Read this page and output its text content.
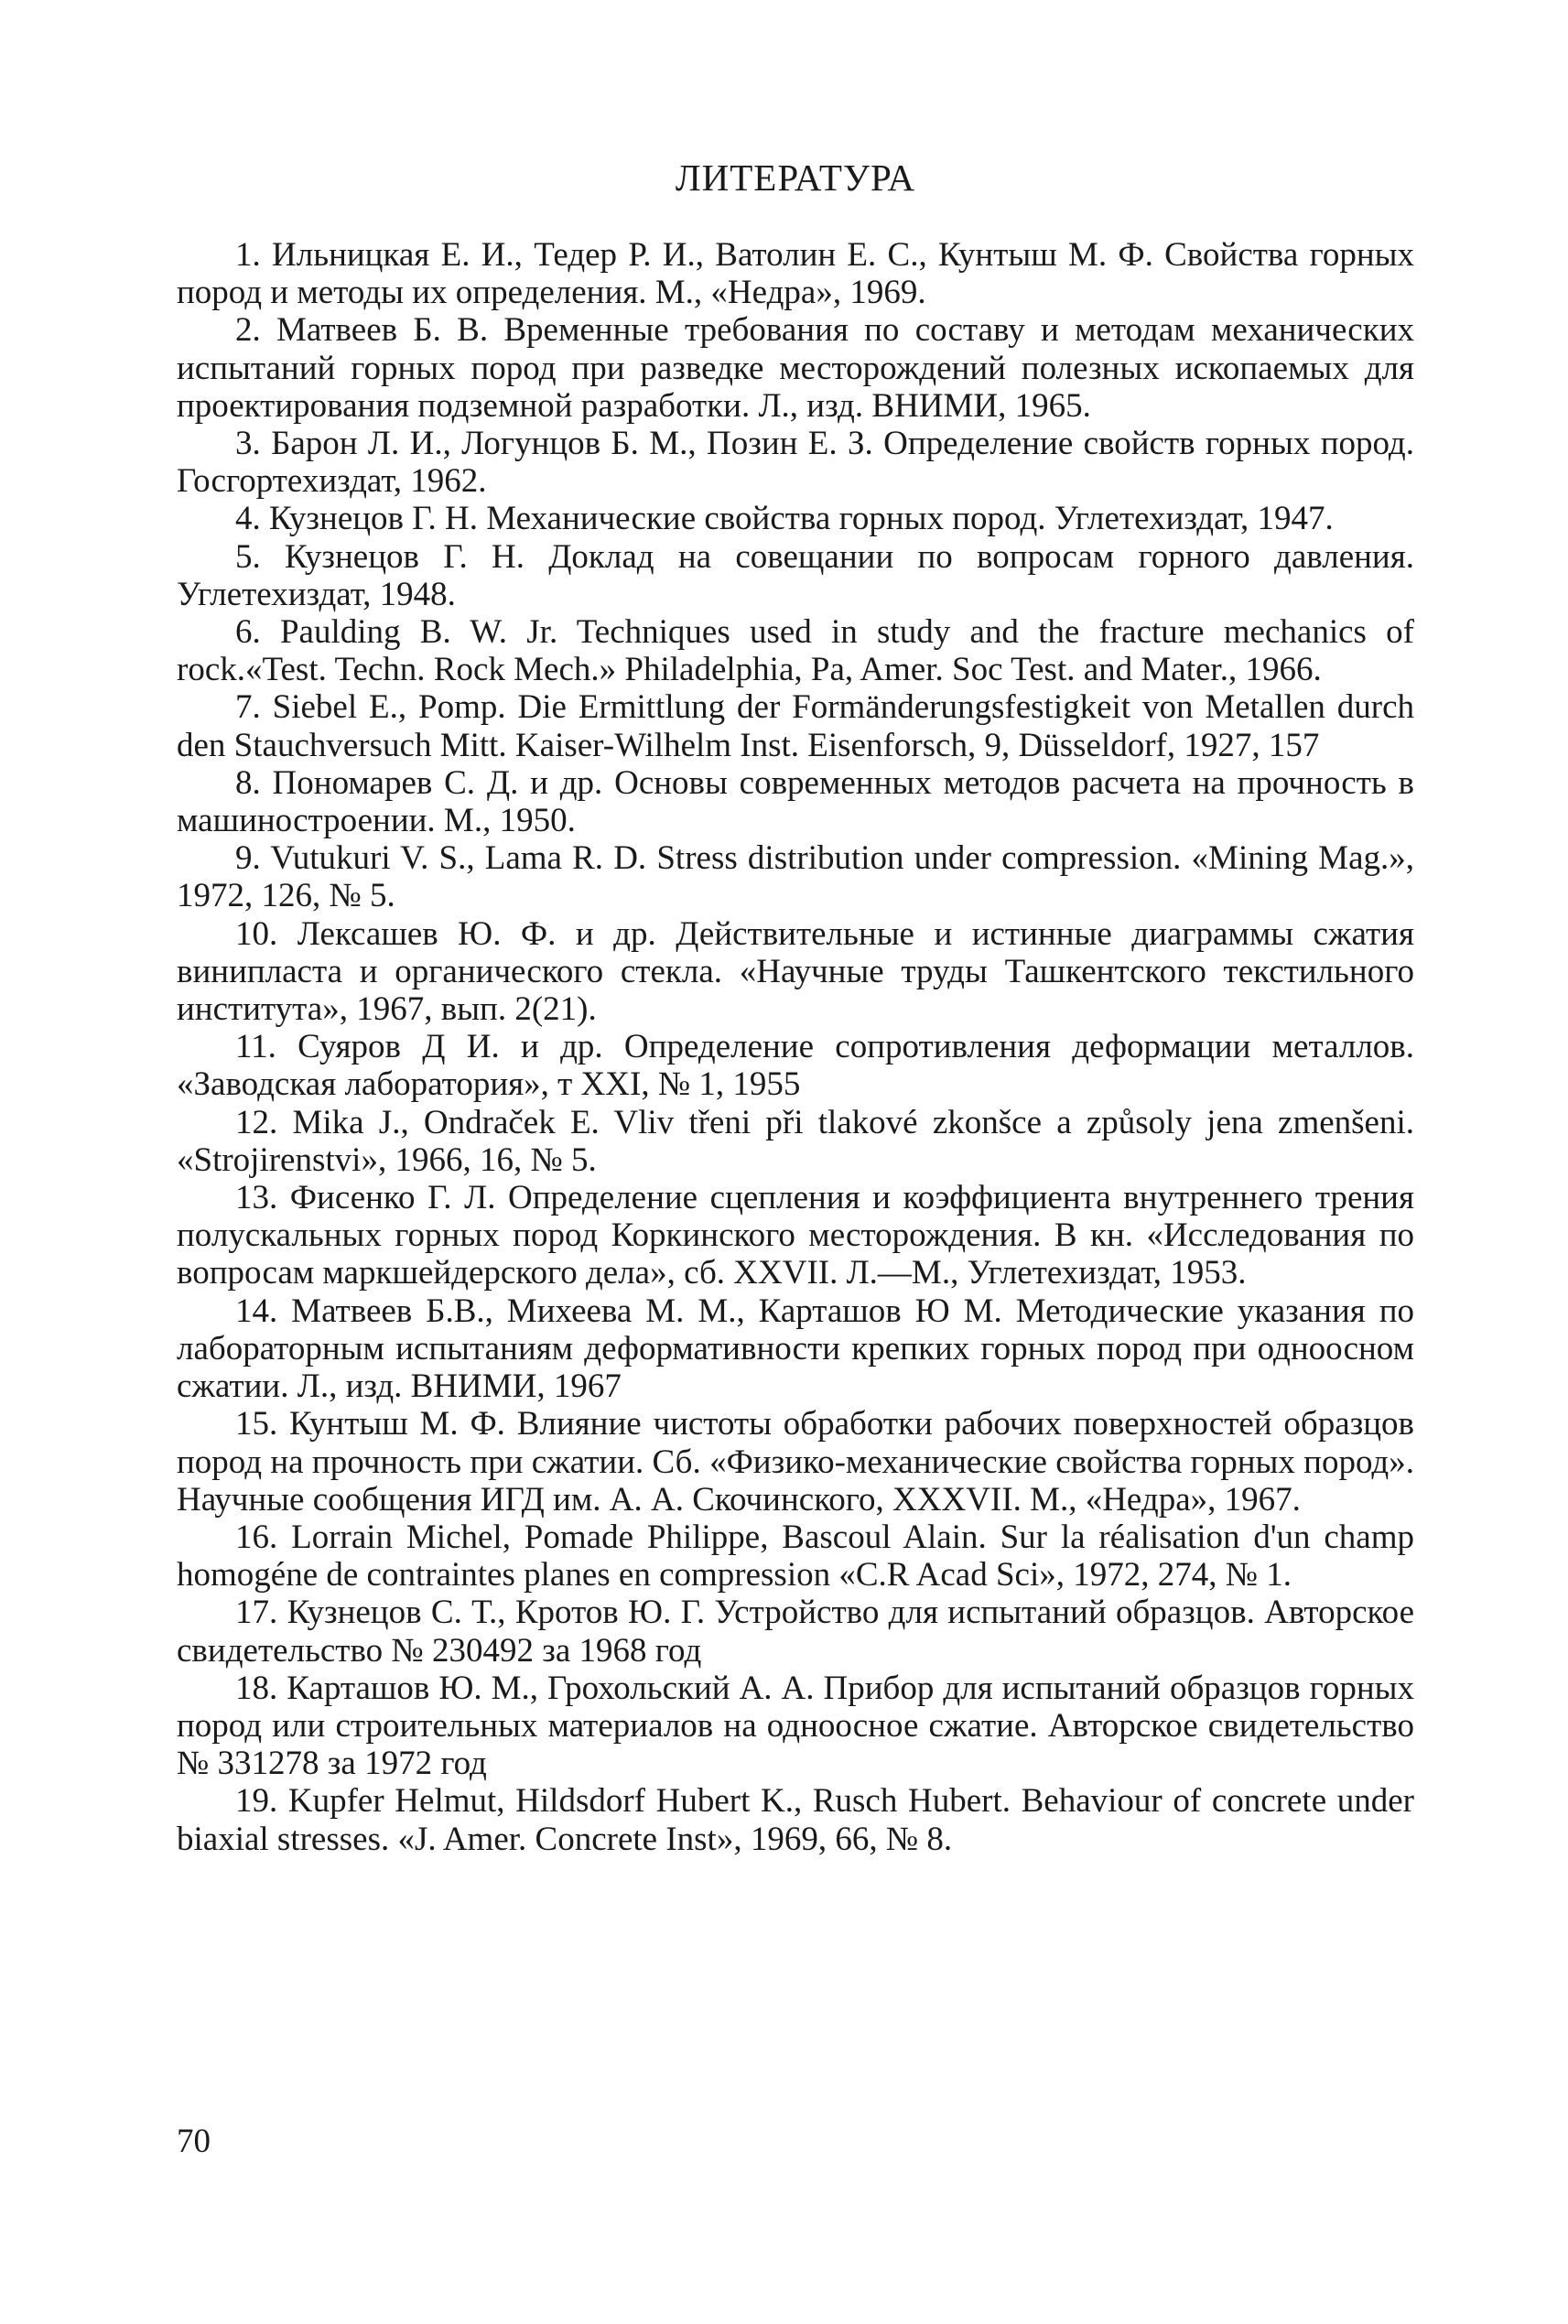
ЛИТЕРАТУРА
1. Ильницкая Е. И., Тедер Р. И., Ватолин Е. С., Кунтыш М. Ф. Свойства горных пород и методы их определения. М., «Недра», 1969.
2. Матвеев Б. В. Временные требования по составу и методам механических испытаний горных пород при разведке месторождений полезных ископаемых для проектирования подземной разработки. Л., изд. ВНИМИ, 1965.
3. Барон Л. И., Логунцов Б. М., Позин Е. З. Определение свойств горных пород. Госгортехиздат, 1962.
4. Кузнецов Г. Н. Механические свойства горных пород. Углетехиздат, 1947.
5. Кузнецов Г. Н. Доклад на совещании по вопросам горного давления. Углетехиздат, 1948.
6. Paulding B. W. Jr. Techniques used in study and the fracture mechanics of rock.«Test. Techn. Rock Mech.» Philadelphia, Pa, Amer. Soc Test. and Mater., 1966.
7. Siebel E., Pomp. Die Ermittlung der Formänderungsfestigkeit von Metallen durch den Stauchversuch Mitt. Kaiser-Wilhelm Inst. Eisenforsch, 9, Düsseldorf, 1927, 157
8. Пономарев С. Д. и др. Основы современных методов расчета на прочность в машиностроении. М., 1950.
9. Vutukuri V. S., Lama R. D. Stress distribution under compression. «Mining Mag.», 1972, 126, № 5.
10. Лексашев Ю. Ф. и др. Действительные и истинные диаграммы сжатия винипласта и органического стекла. «Научные труды Ташкентского текстильного института», 1967, вып. 2(21).
11. Суяров Д И. и др. Определение сопротивления деформации металлов. «Заводская лаборатория», т XXI, № 1, 1955
12. Mika J., Ondraček E. Vliv třeni při tlakové zkonšce a způsoly jena zmenšeni. «Strojirenstvi», 1966, 16, № 5.
13. Фисенко Г. Л. Определение сцепления и коэффициента внутреннего трения полускальных горных пород Коркинского месторождения. В кн. «Исследования по вопросам маркшейдерского дела», сб. XXVII. Л.—М., Углетехиздат, 1953.
14. Матвеев Б.В., Михеева М. М., Карташов Ю М. Методические указания по лабораторным испытаниям деформативности крепких горных пород при одноосном сжатии. Л., изд. ВНИМИ, 1967
15. Кунтыш М. Ф. Влияние чистоты обработки рабочих поверхностей образцов пород на прочность при сжатии. Сб. «Физико-механические свойства горных пород». Научные сообщения ИГД им. А. А. Скочинского, XXXVII. М., «Недра», 1967.
16. Lorrain Michel, Pomade Philippe, Bascoul Alain. Sur la réalisation d'un champ homogéne de contraintes planes en compression «C.R Acad Sci», 1972, 274, № 1.
17. Кузнецов С. Т., Кротов Ю. Г. Устройство для испытаний образцов. Авторское свидетельство № 230492 за 1968 год
18. Карташов Ю. М., Грохольский А. А. Прибор для испытаний образцов горных пород или строительных материалов на одноосное сжатие. Авторское свидетельство № 331278 за 1972 год
19. Kupfer Helmut, Hildsdorf Hubert K., Rusch Hubert. Behaviour of concrete under biaxial stresses. «J. Amer. Concrete Inst», 1969, 66, № 8.
70
